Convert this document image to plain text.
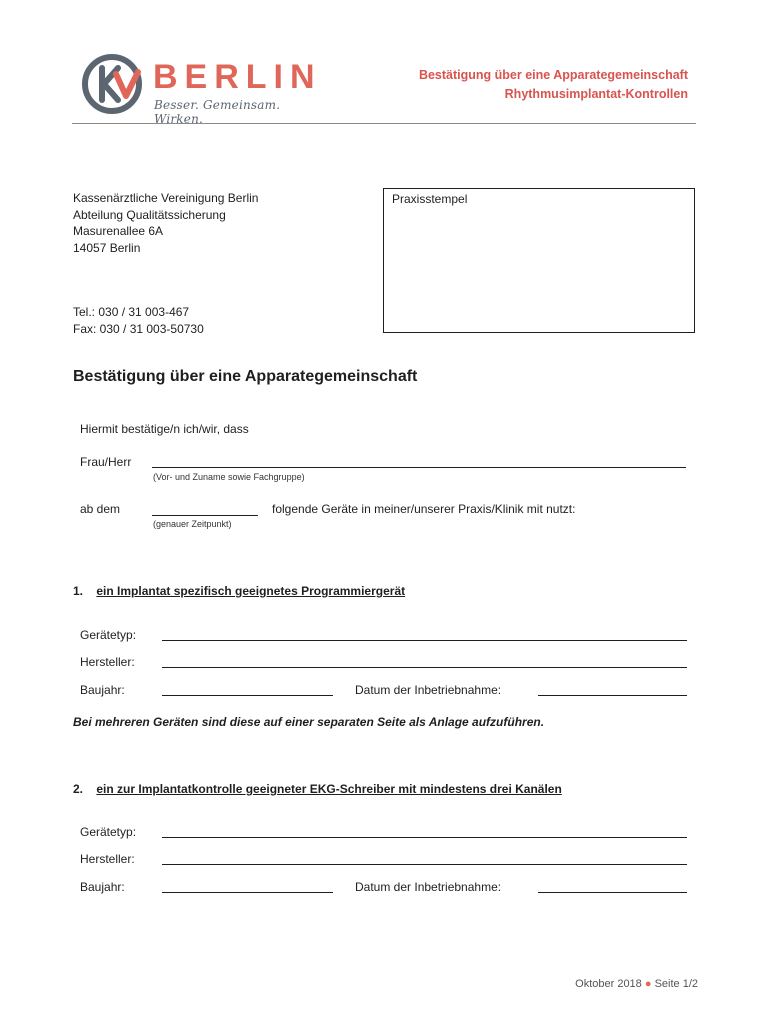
BERLIN
Besser. Gemeinsam. Wirken.
Bestätigung über eine Apparategemeinschaft
Rhythmusimplantat-Kontrollen
Kassenärztliche Vereinigung Berlin
Abteilung Qualitätssicherung
Masurenallee 6A
14057 Berlin
Tel.: 030 / 31 003-467
Fax: 030 / 31 003-50730
Praxisstempel
Bestätigung über eine Apparategemeinschaft
Hiermit bestätige/n ich/wir, dass
Frau/Herr
(Vor- und Zuname sowie Fachgruppe)
ab dem
(genauer Zeitpunkt)
folgende Geräte in meiner/unserer Praxis/Klinik mit nutzt:
1. ein Implantat spezifisch geeignetes Programmiergerät
Gerätetyp:
Hersteller:
Baujahr:	Datum der Inbetriebnahme:
Bei mehreren Geräten sind diese auf einer separaten Seite als Anlage aufzuführen.
2. ein zur Implantatkontrolle geeigneter EKG-Schreiber mit mindestens drei Kanälen
Gerätetyp:
Hersteller:
Baujahr:	Datum der Inbetriebnahme:
Oktober 2018 ● Seite 1/2
